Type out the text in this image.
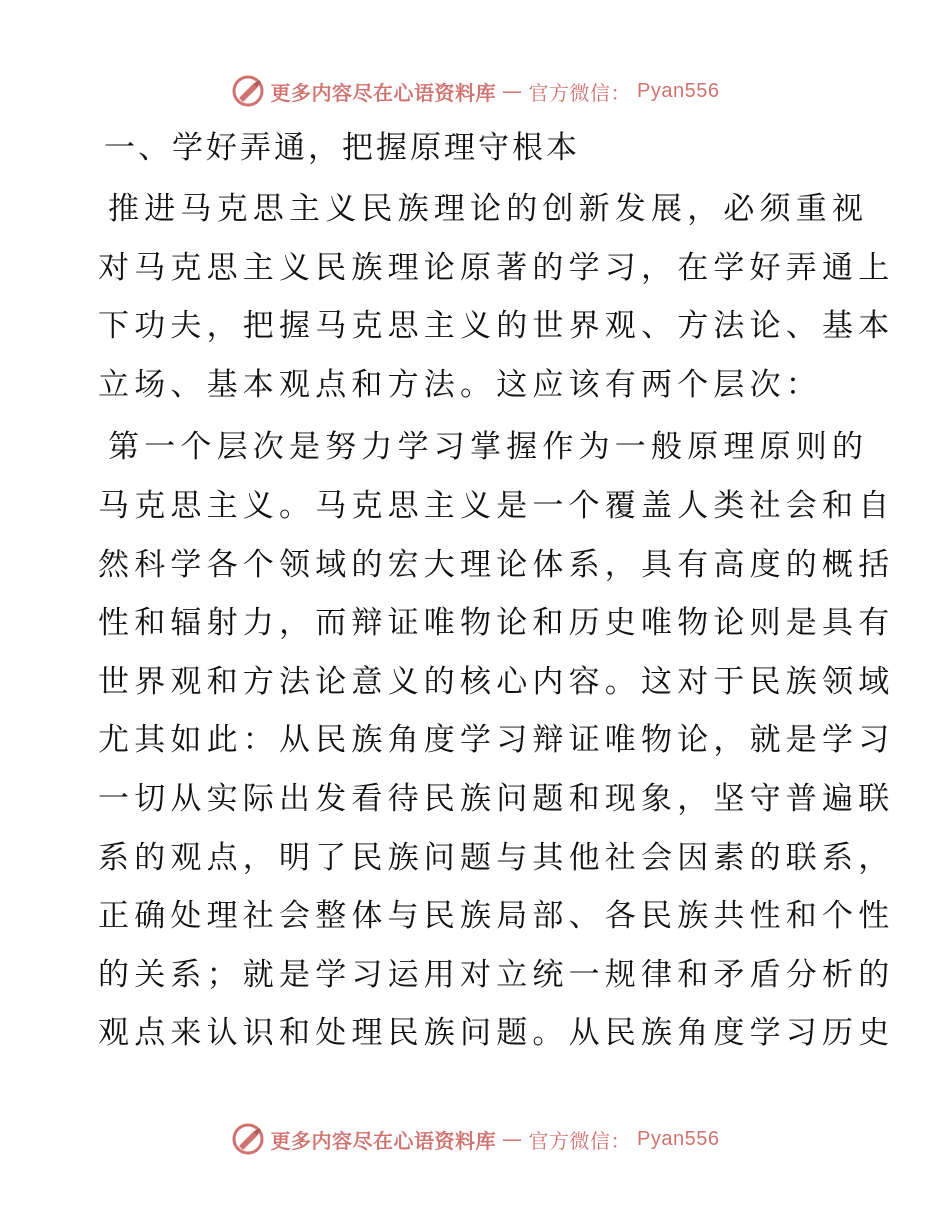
更多内容尽在心语资料库 — 官方微信： Pyan556
一、学好弄通，把握原理守根本
推进马克思主义民族理论的创新发展，必须重视
对马克思主义民族理论原著的学习，在学好弄通上
下功夫，把握马克思主义的世界观、方法论、基本
立场、基本观点和方法。这应该有两个层次：
第一个层次是努力学习掌握作为一般原理原则的
马克思主义。马克思主义是一个覆盖人类社会和自
然科学各个领域的宏大理论体系，具有高度的概括
性和辐射力，而辩证唯物论和历史唯物论则是具有
世界观和方法论意义的核心内容。这对于民族领域
尤其如此：从民族角度学习辩证唯物论，就是学习
一切从实际出发看待民族问题和现象，坚守普遍联
系的观点，明了民族问题与其他社会因素的联系，
正确处理社会整体与民族局部、各民族共性和个性
的关系；就是学习运用对立统一规律和矛盾分析的
观点来认识和处理民族问题。从民族角度学习历史
更多内容尽在心语资料库 — 官方微信： Pyan556
